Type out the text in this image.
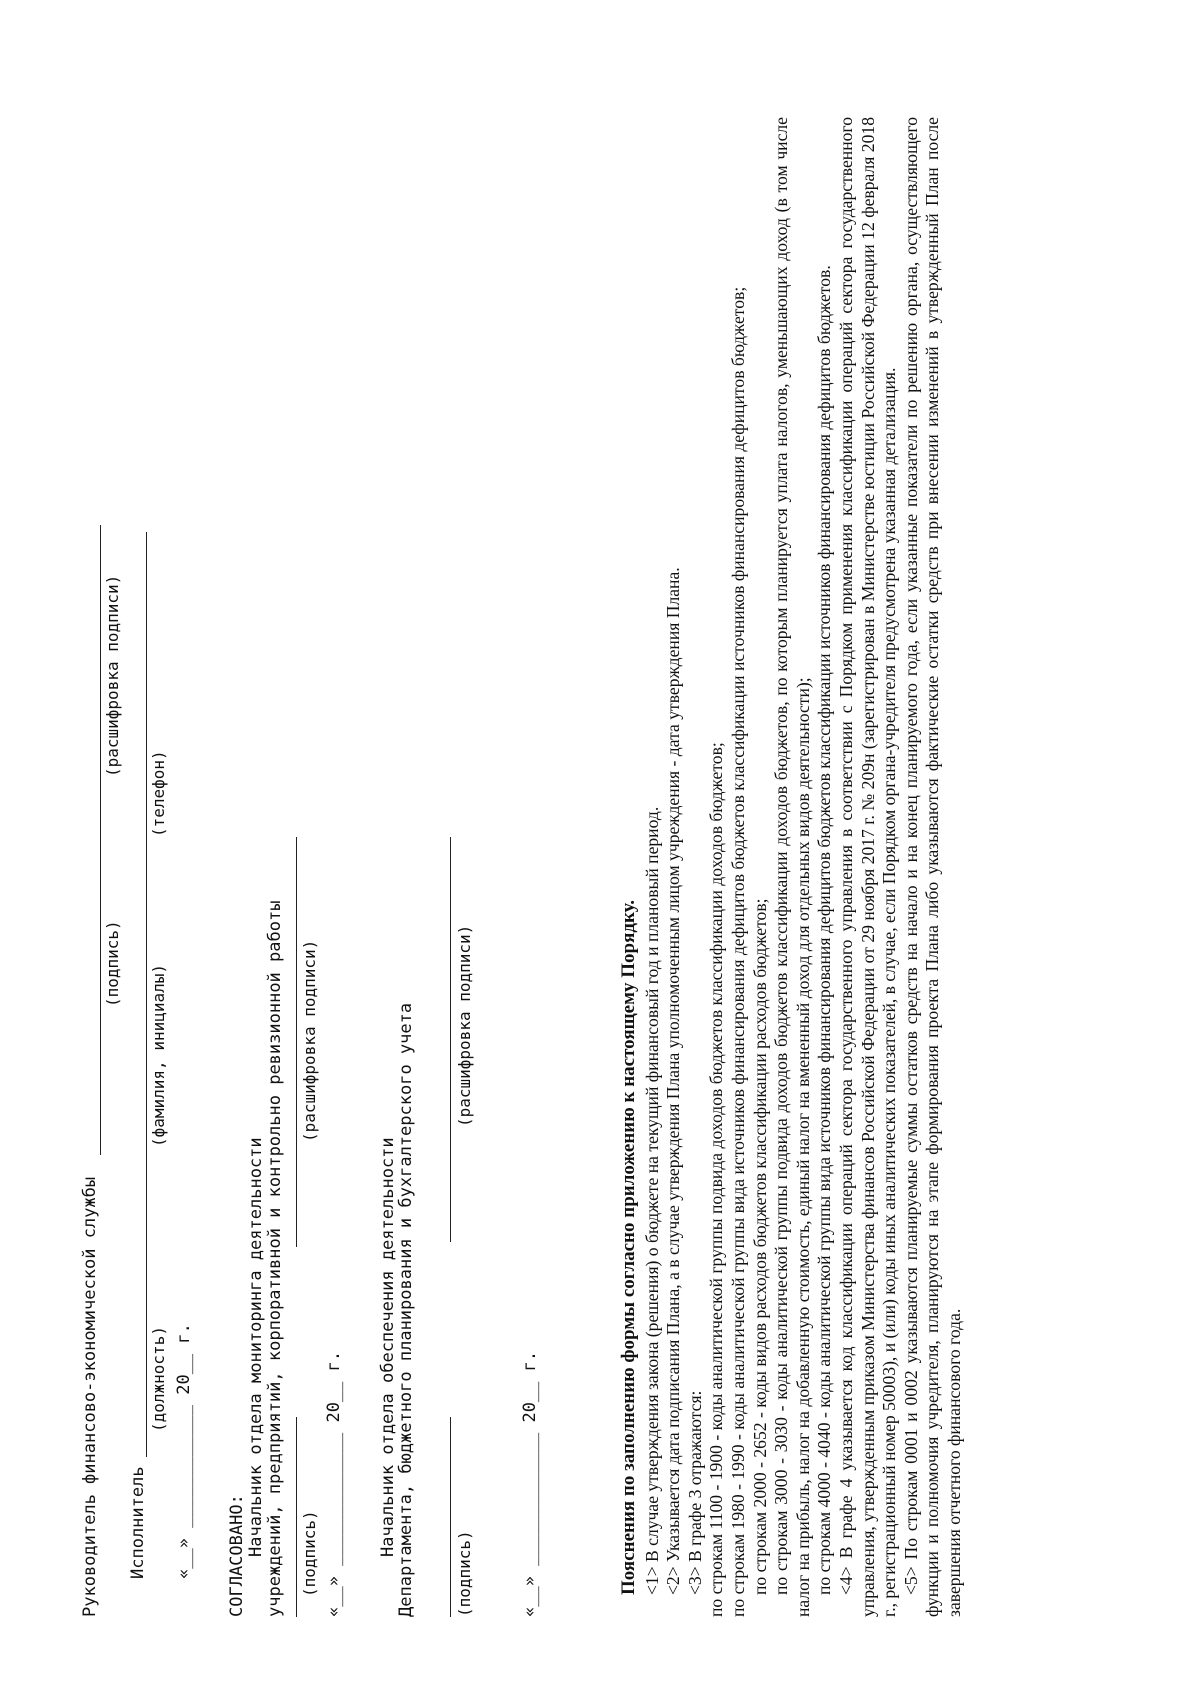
Руководитель финансово-экономической службы
(подпись)
(расшифровка подписи)
Исполнитель
(должность)
(фамилия, инициалы)
(телефон)
«__» ____________ 20__ г. СОГЛАСОВАНО: Начальник отдела мониторинга деятельности учреждений, предприятий, корпоративной и контрольно ревизионной работы (подпись)
(расшифровка подписи)
«__» _____________ 20__ г. Начальник отдела обеспечения деятельности
Департамента, бюджетного планирования и бухгалтерского учета (подпись)
(расшифровка подписи)
«__» _____________ 20__ г.	Пояснения по заполнению формы согласно приложению к настоящему Порядку. <1> В случае утверждения закона (решения) о бюджете на текущий финансовый год и плановый период. <2> Указывается дата подписания Плана, а в случае утверждения Плана уполномоченным лицом учреждения - дата утверждения Плана. <3> В графе 3 отражаются: по строкам 1100 - 1900 - коды аналитической группы подвида доходов бюджетов классификации доходов бюджетов; по строкам 1980 - 1990 - коды аналитической группы вида источников финансирования дефицитов бюджетов классификации источников финансирования дефицитов бюджетов; по строкам 2000 - 2652 - коды видов расходов бюджетов классификации расходов бюджетов; по строкам 3000 - 3030 - коды аналитической группы подвида доходов бюджетов классификации доходов бюджетов, по которым планируется уплата налогов, уменьшающих доход (в том числе налог на прибыль, налог на добавленную стоимость, единый налог на вмененный доход для отдельных видов деятельности); по строкам 4000 - 4040 - коды аналитической группы вида источников финансирования дефицитов бюджетов классификации источников финансирования дефицитов бюджетов. <4> В графе 4 указывается код классификации операций сектора государственного управления в соответствии с Порядком применения классификации операций сектора государственного управления, утвержденным приказом Министерства финансов Российской Федерации от 29 ноября 2017 г. № 209н (зарегистрирован в Министерстве юстиции Российской Федерации 12 февраля 2018 г., регистрационный номер 50003), и (или) коды иных аналитических показателей, в случае, если Порядком органа-учредителя предусмотрена указанная детализация. <5> По строкам 0001 и 0002 указываются планируемые суммы остатков средств на начало и на конец планируемого года, если указанные показатели по решению органа, осуществляющего функции и полномочия учредителя, планируются на этапе формирования проекта Плана либо указываются фактические остатки средств при внесении изменений в утвержденный План после завершения отчетного финансового года.
